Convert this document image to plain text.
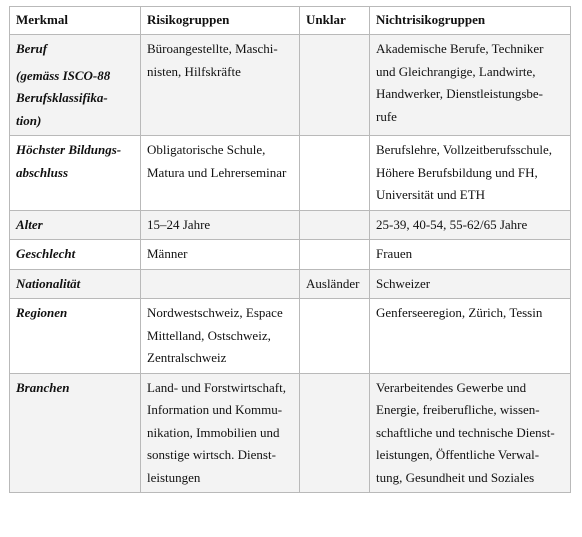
Merkmal	Risikogruppen	Unklar	Nichtrisikogruppen

Beruf
(gemäss ISCO-88
Berufsklassifika-
tion)	Büroangestellte, Maschi-
nisten, Hilfskräfte		Akademische Berufe, Techniker
und Gleichrangige, Landwirte,
Handwerker, Dienstleistungsbe-
rufe

Höchster Bildungs-
abschluss	Obligatorische Schule,
Matura und Lehrerseminar		Berufslehre, Vollzeitberufsschule,
Höhere Berufsbildung und FH,
Universität und ETH

Alter	15–24 Jahre		25-39, 40-54, 55-62/65 Jahre

Geschlecht	Männer		Frauen

Nationalität		Ausländer	Schweizer

Regionen	Nordwestschweiz, Espace
Mittelland, Ostschweiz,
Zentralschweiz		Genferseeregion, Zürich, Tessin

Branchen	Land- und Forstwirtschaft,
Information und Kommu-
nikation, Immobilien und
sonstige wirtsch. Dienst-
leistungen		Verarbeitendes Gewerbe und
Energie, freiberufliche, wissen-
schaftliche und technische Dienst-
leistungen, Öffentliche Verwal-
tung, Gesundheit und Soziales
